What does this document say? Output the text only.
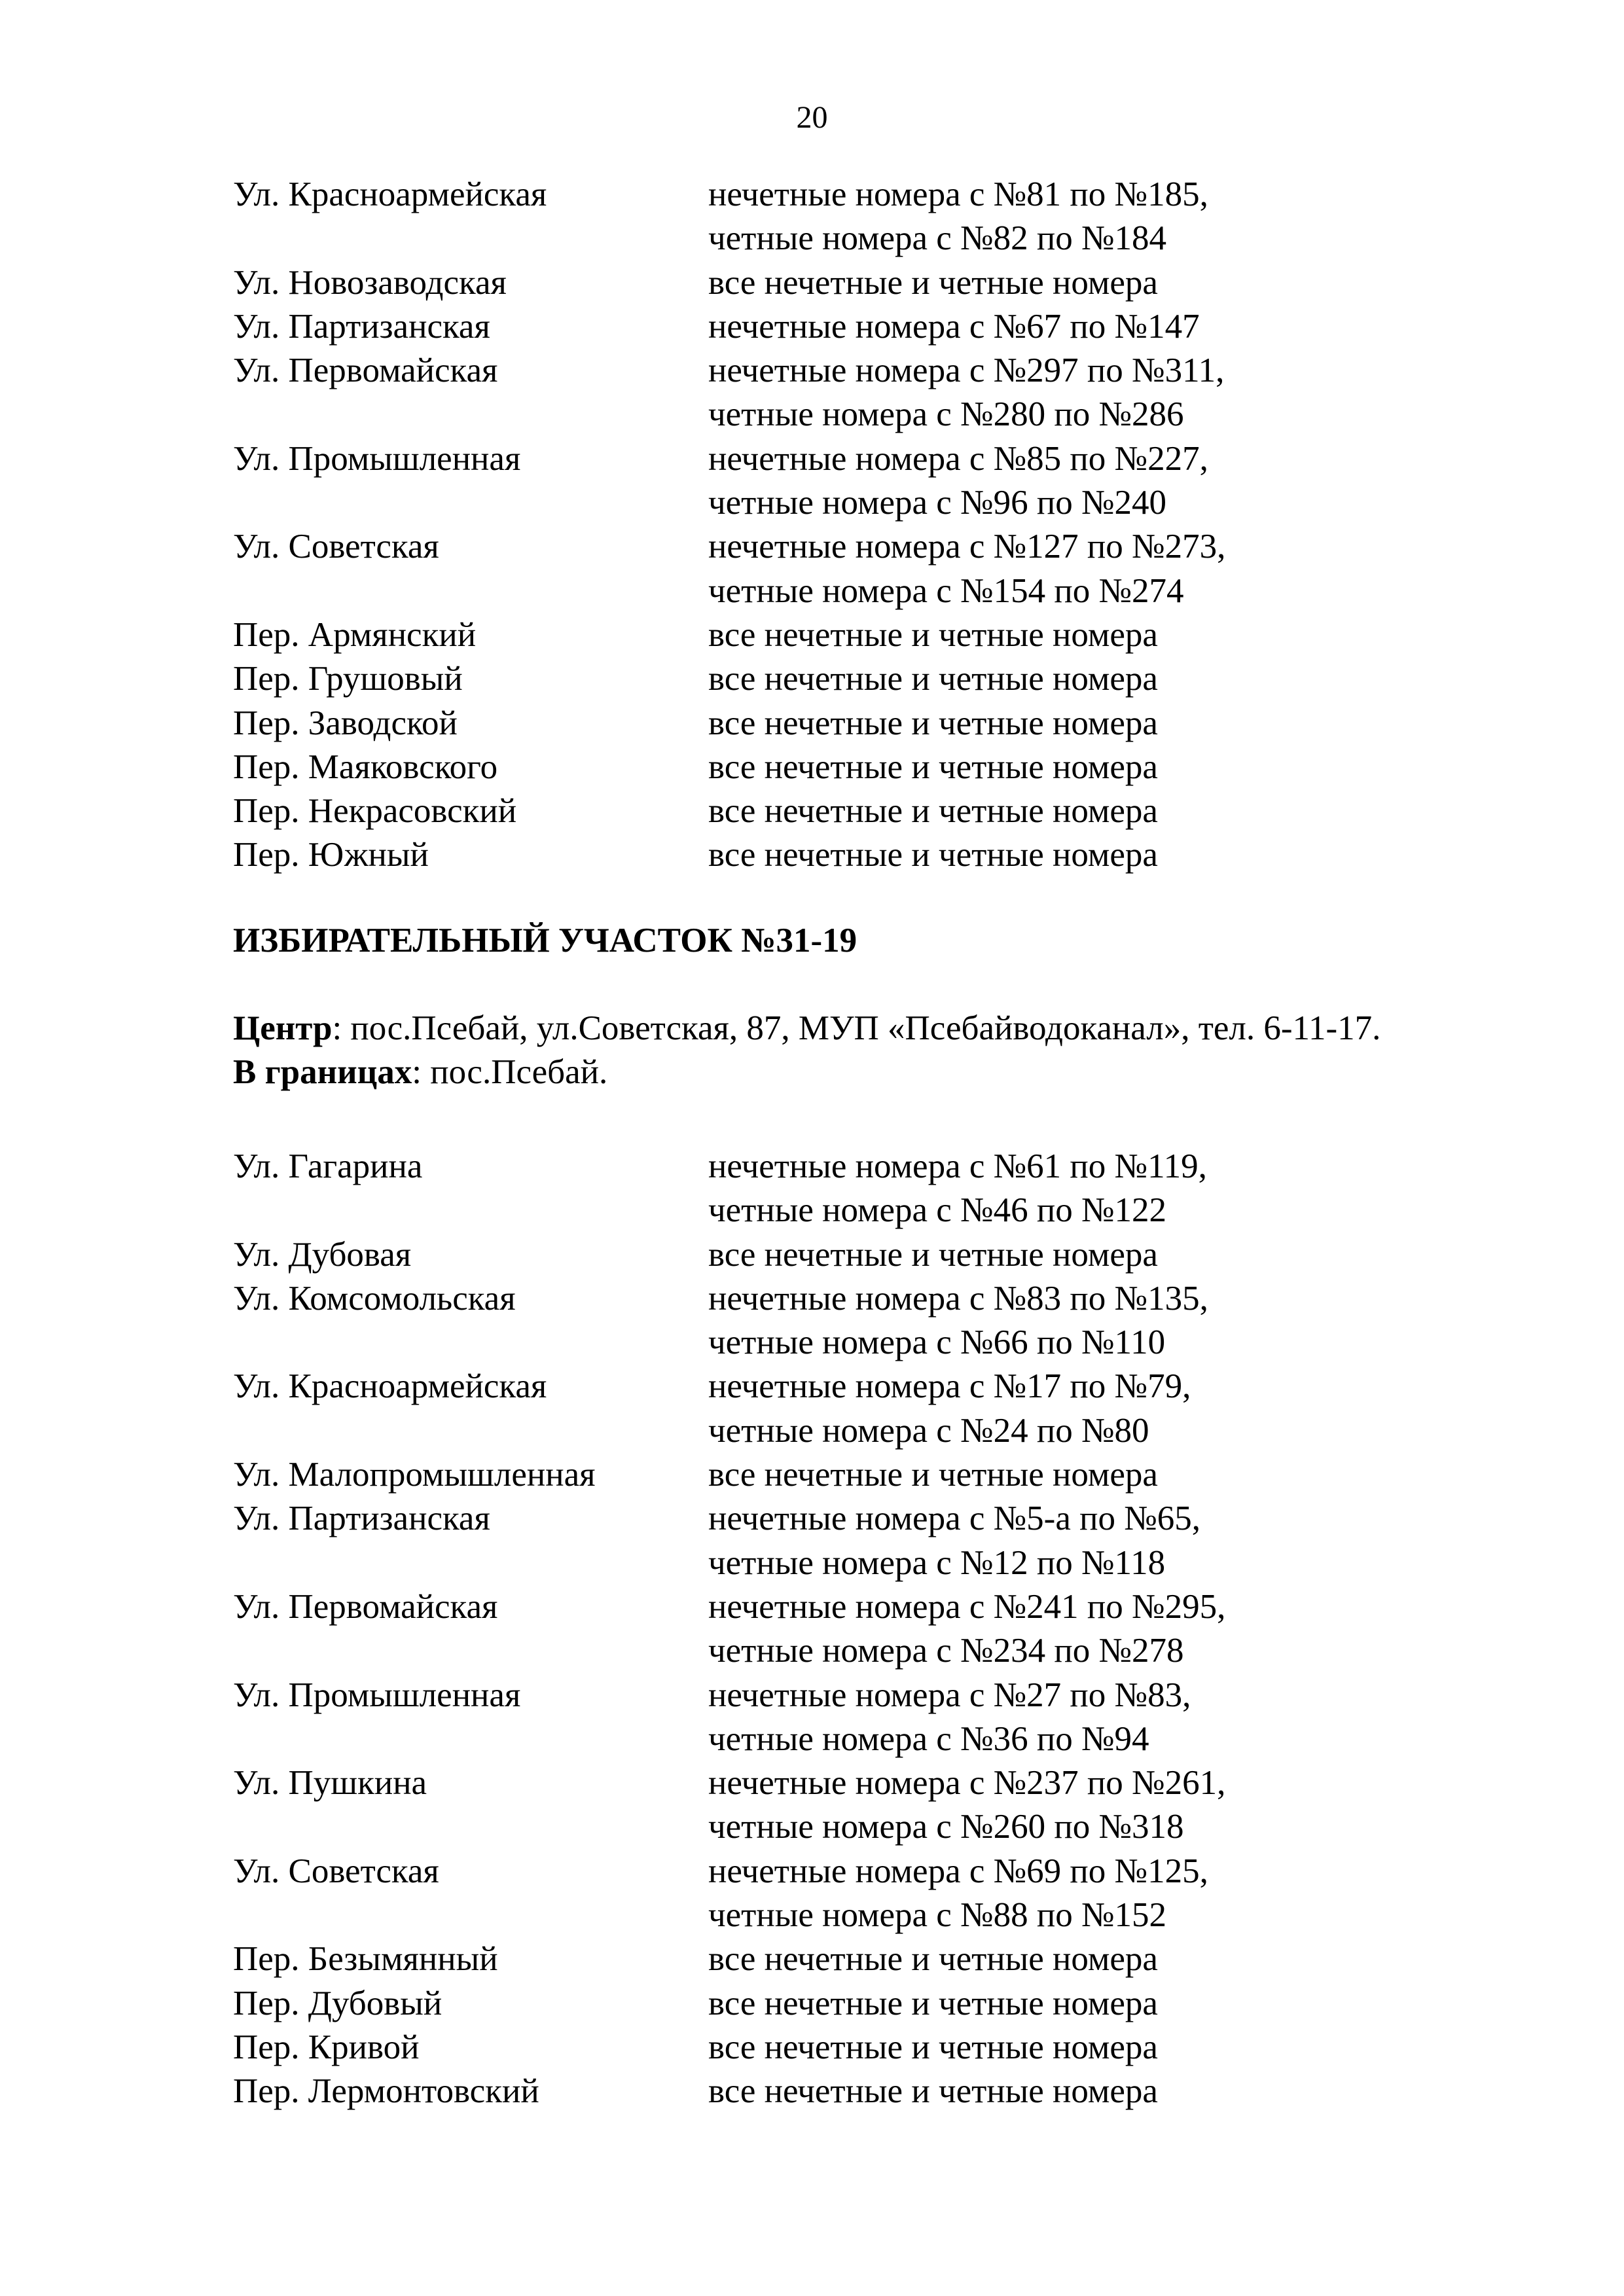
20
Ул. Красноармейская	нечетные номера с №81 по №185,
четные номера с №82 по №184
Ул. Новозаводская	все нечетные и четные номера
Ул. Партизанская	нечетные номера с №67 по №147
Ул. Первомайская	нечетные номера с №297 по №311,
четные номера с №280 по №286
Ул. Промышленная	нечетные номера с №85 по №227,
четные номера с №96 по №240
Ул. Советская	нечетные номера с №127 по №273,
четные номера с №154 по №274
Пер. Армянский	все нечетные и четные номера
Пер. Грушовый	все нечетные и четные номера
Пер. Заводской	все нечетные и четные номера
Пер. Маяковского	все нечетные и четные номера
Пер. Некрасовский	все нечетные и четные номера
Пер. Южный	все нечетные и четные номера
ИЗБИРАТЕЛЬНЫЙ УЧАСТОК №31-19
Центр: пос.Псебай, ул.Советская, 87, МУП «Псебайводоканал», тел. 6-11-17.
В границах: пос.Псебай.
Ул. Гагарина	нечетные номера с №61 по №119,
четные номера с №46 по №122
Ул. Дубовая	все нечетные и четные номера
Ул. Комсомольская	нечетные номера с №83 по №135,
четные номера с №66 по №110
Ул. Красноармейская	нечетные номера с №17 по №79,
четные номера с №24 по №80
Ул. Малопромышленная	все нечетные и четные номера
Ул. Партизанская	нечетные номера с №5-а по №65,
четные номера с №12 по №118
Ул. Первомайская	нечетные номера с №241 по №295,
четные номера с №234 по №278
Ул. Промышленная	нечетные номера с №27 по №83,
четные номера с №36 по №94
Ул. Пушкина	нечетные номера с №237 по №261,
четные номера с №260 по №318
Ул. Советская	нечетные номера с №69 по №125,
четные номера с №88 по №152
Пер. Безымянный	все нечетные и четные номера
Пер. Дубовый	все нечетные и четные номера
Пер. Кривой	все нечетные и четные номера
Пер. Лермонтовский	все нечетные и четные номера
